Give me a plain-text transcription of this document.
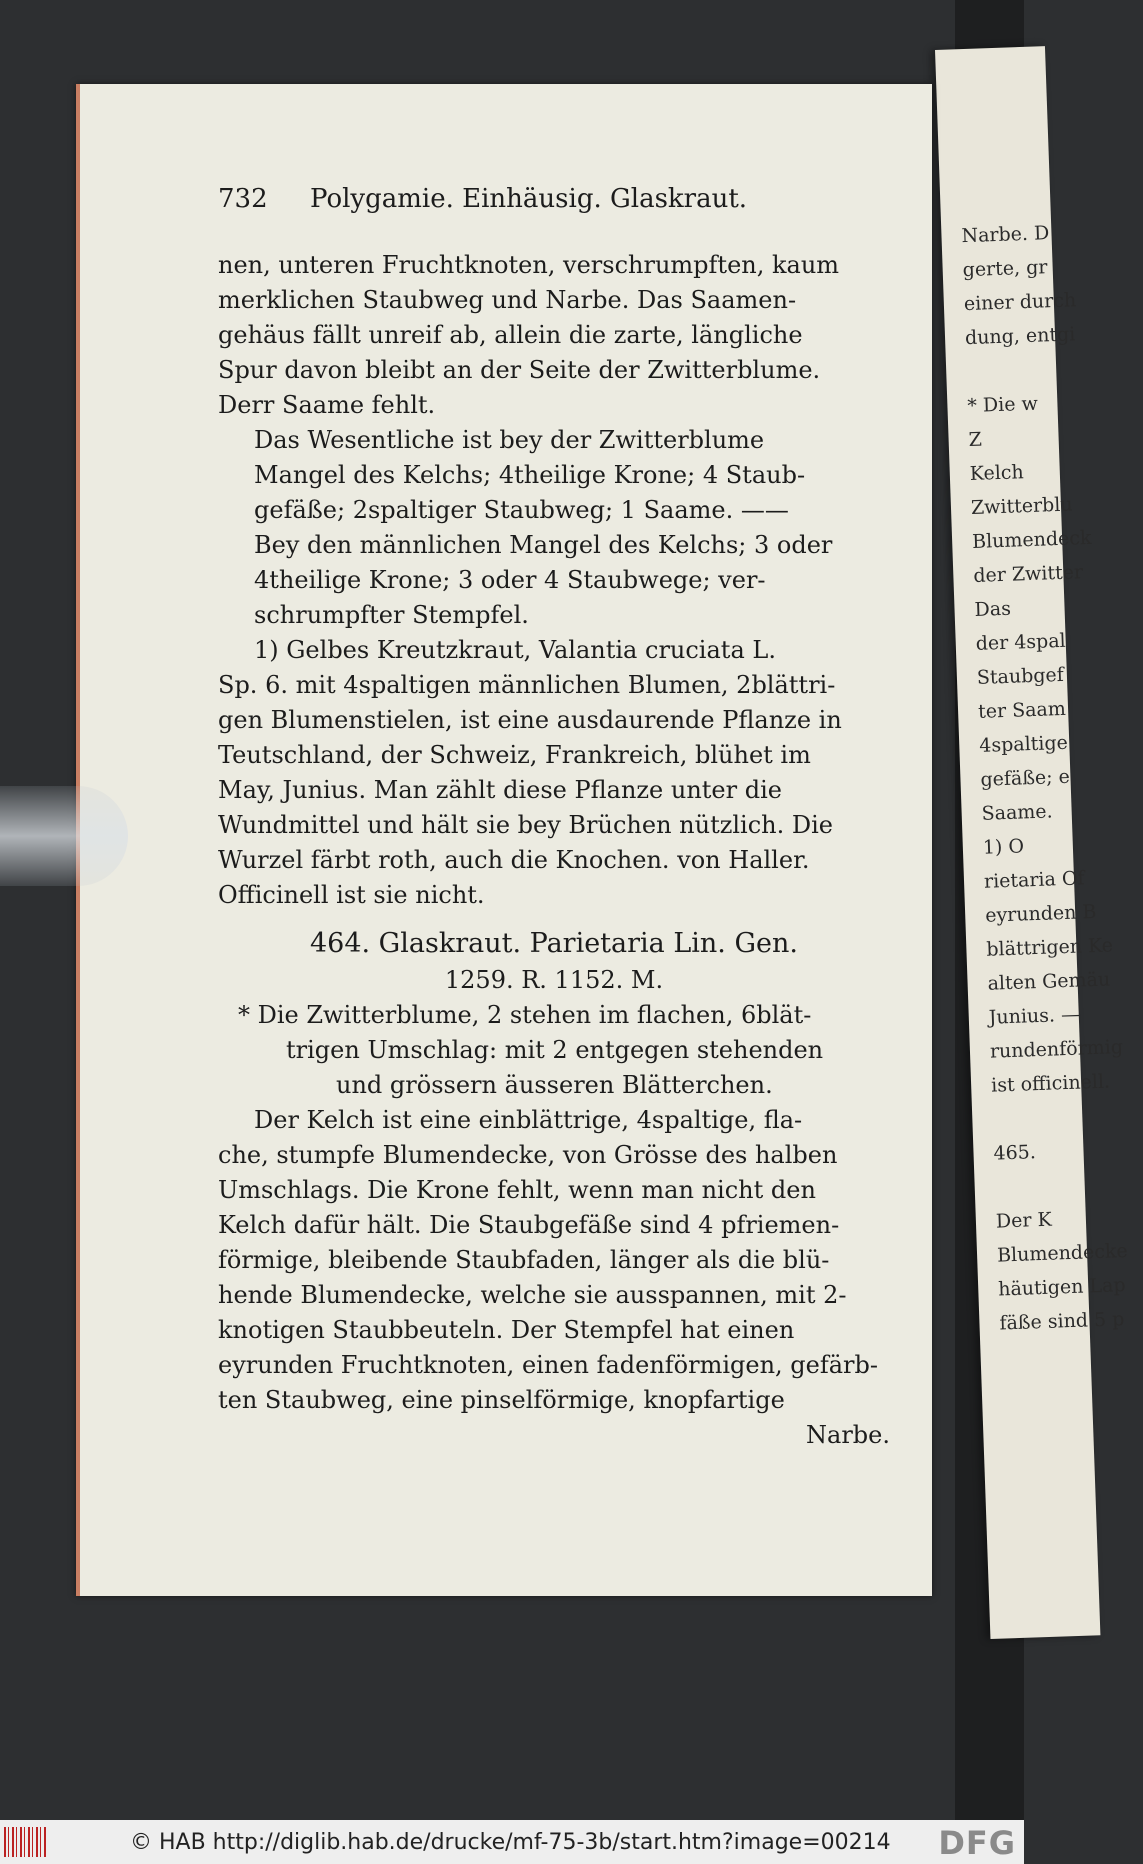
Narbe. D
gerte, gr
einer durch
dung, entgi

* Die w
Z
Kelch
Zwitterblu
Blumendeck
der Zwitter
Das
der 4spal
Staubgef
ter Saam
4spaltige
gefäße; e
Saame.
1) O
rietaria Of
eyrunden B
blättrigen Ke
alten Gemäu
Junius. —
rundenförmig
ist officinell.

465.

Der K
Blumendecke
häutigen Lap
fäße sind 5 p
732	Polygamie. Einhäusig. Glaskraut.
nen, unteren Fruchtknoten, verschrumpften, kaum
merklichen Staubweg und Narbe. Das Saamen-
gehäus fällt unreif ab, allein die zarte, längliche
Spur davon bleibt an der Seite der Zwitterblume.
Derr Saame fehlt.
Das Wesentliche ist bey der Zwitterblume
Mangel des Kelchs; 4theilige Krone; 4 Staub-
gefäße; 2spaltiger Staubweg; 1 Saame. ——
Bey den männlichen Mangel des Kelchs; 3 oder
4theilige Krone; 3 oder 4 Staubwege; ver-
schrumpfter Stempfel.
1) Gelbes Kreutzkraut, Valantia cruciata L.
Sp. 6. mit 4spaltigen männlichen Blumen, 2blättri-
gen Blumenstielen, ist eine ausdaurende Pflanze in
Teutschland, der Schweiz, Frankreich, blühet im
May, Junius. Man zählt diese Pflanze unter die
Wundmittel und hält sie bey Brüchen nützlich. Die
Wurzel färbt roth, auch die Knochen. von Haller.
Officinell ist sie nicht.
464. Glaskraut. Parietaria Lin. Gen.
1259. R. 1152. M.
* Die Zwitterblume, 2 stehen im flachen, 6blät-
trigen Umschlag: mit 2 entgegen stehenden
und grössern äusseren Blätterchen.
Der Kelch ist eine einblättrige, 4spaltige, fla-
che, stumpfe Blumendecke, von Grösse des halben
Umschlags. Die Krone fehlt, wenn man nicht den
Kelch dafür hält. Die Staubgefäße sind 4 pfriemen-
förmige, bleibende Staubfaden, länger als die blü-
hende Blumendecke, welche sie ausspannen, mit 2-
knotigen Staubbeuteln. Der Stempfel hat einen
eyrunden Fruchtknoten, einen fadenförmigen, gefärb-
ten Staubweg, eine pinselförmige, knopfartige
Narbe.
© HAB http://diglib.hab.de/drucke/mf-75-3b/start.htm?image=00214 DFG
